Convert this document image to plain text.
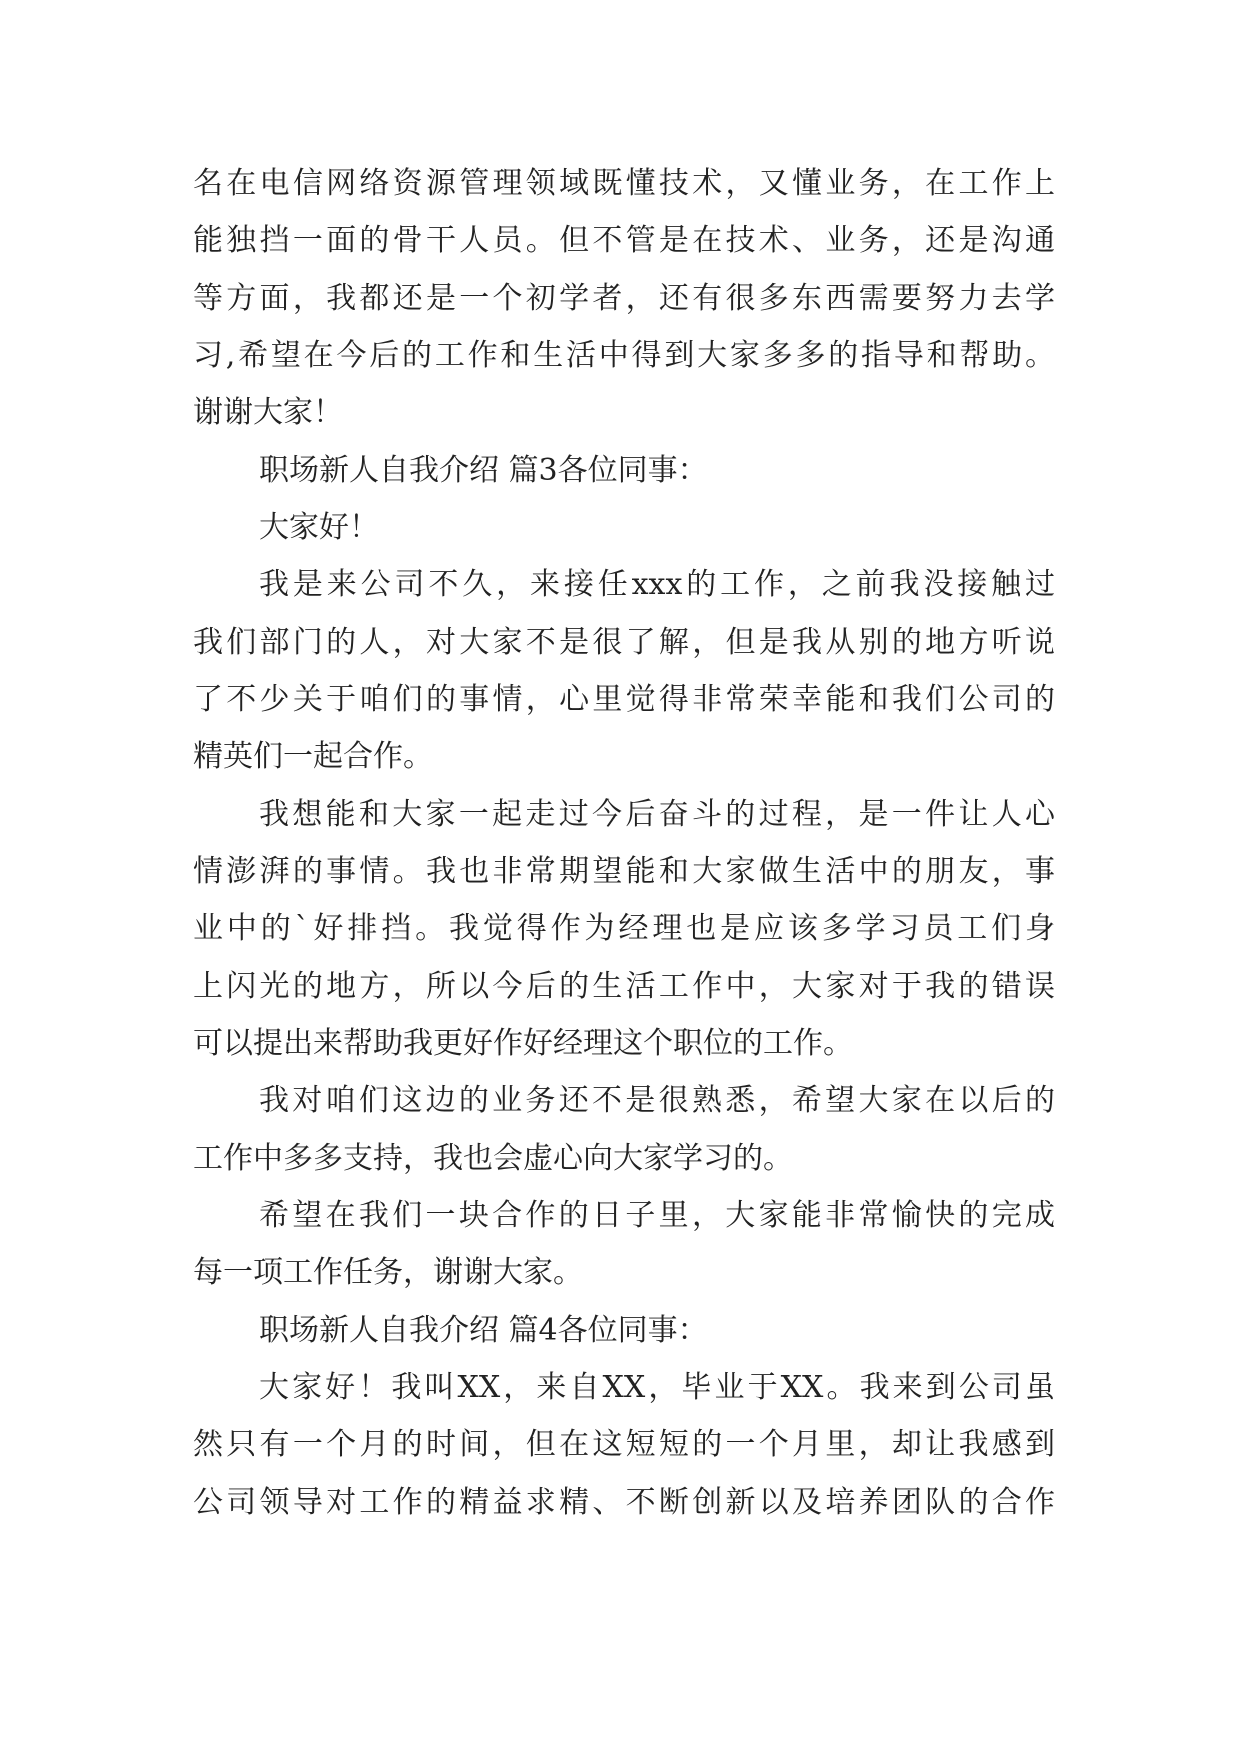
名在电信网络资源管理领域既懂技术，又懂业务，在工作上
能独挡一面的骨干人员。但不管是在技术、业务，还是沟通
等方面，我都还是一个初学者，还有很多东西需要努力去学
习,希望在今后的工作和生活中得到大家多多的指导和帮助。
谢谢大家！
职场新人自我介绍 篇3各位同事：
大家好！
我是来公司不久，来接任xxx的工作，之前我没接触过
我们部门的人，对大家不是很了解，但是我从别的地方听说
了不少关于咱们的事情，心里觉得非常荣幸能和我们公司的
精英们一起合作。
我想能和大家一起走过今后奋斗的过程，是一件让人心
情澎湃的事情。我也非常期望能和大家做生活中的朋友，事
业中的`好排挡。我觉得作为经理也是应该多学习员工们身
上闪光的地方，所以今后的生活工作中，大家对于我的错误
可以提出来帮助我更好作好经理这个职位的工作。
我对咱们这边的业务还不是很熟悉，希望大家在以后的
工作中多多支持，我也会虚心向大家学习的。
希望在我们一块合作的日子里，大家能非常愉快的完成
每一项工作任务，谢谢大家。
职场新人自我介绍 篇4各位同事：
大家好！我叫XX，来自XX，毕业于XX。我来到公司虽
然只有一个月的时间，但在这短短的一个月里，却让我感到
公司领导对工作的精益求精、不断创新以及培养团队的合作
